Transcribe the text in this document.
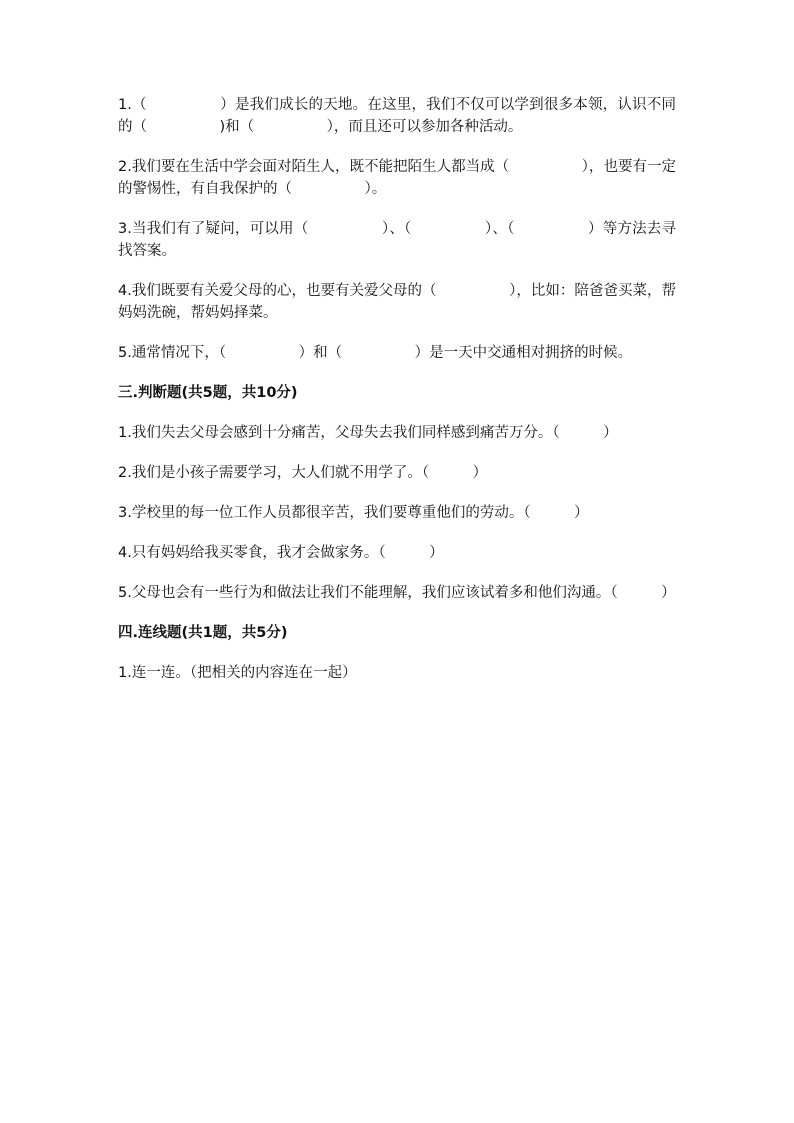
1.（　　　　　）是我们成长的天地。在这里，我们不仅可以学到很多本领，认识不同的（　　　　　)和（　　　　　），而且还可以参加各种活动。

2.我们要在生活中学会面对陌生人，既不能把陌生人都当成（　　　　　），也要有一定的警惕性，有自我保护的（　　　　　）。

3.当我们有了疑问，可以用（　　　　　）、（　　　　　）、（　　　　　）等方法去寻找答案。

4.我们既要有关爱父母的心，也要有关爱父母的（　　　　　），比如：陪爸爸买菜，帮妈妈洗碗，帮妈妈择菜。

5.通常情况下，（　　　　　）和（　　　　　）是一天中交通相对拥挤的时候。

三.判断题(共5题，共10分)

1.我们失去父母会感到十分痛苦，父母失去我们同样感到痛苦万分。（　　　）

2.我们是小孩子需要学习，大人们就不用学了。（　　　）

3.学校里的每一位工作人员都很辛苦，我们要尊重他们的劳动。（　　　）

4.只有妈妈给我买零食，我才会做家务。（　　　）

5.父母也会有一些行为和做法让我们不能理解，我们应该试着多和他们沟通。（　　　）

四.连线题(共1题，共5分)

1.连一连。（把相关的内容连在一起）
